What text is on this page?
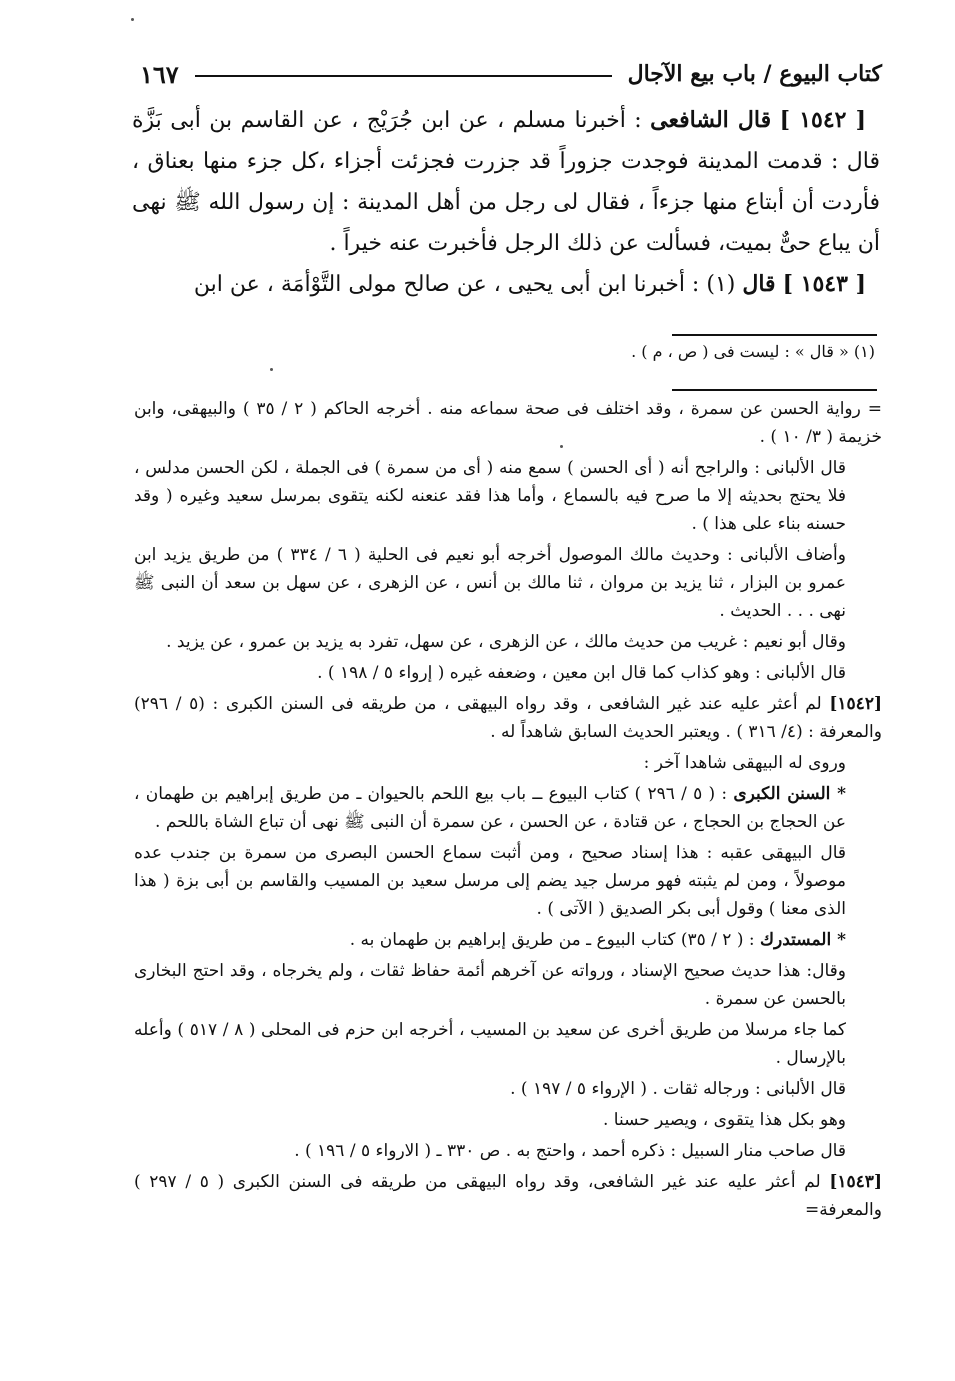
كتاب البيوع / باب بيع الآجال
١٦٧

[ ١٥٤٢ ] قال الشافعى : أخبرنا مسلم ، عن ابن جُرَيْج ، عن القاسم بن أبى بَزَّة قال : قدمت المدينة فوجدت جزوراً قد جزرت فجزئت أجزاء ،كل جزء منها بعناق ، فأردت أن أبتاع منها جزءاً ، فقال لى رجل من أهل المدينة : إن رسول الله ﷺ نهى أن يباع حىٌّ بميت، فسألت عن ذلك الرجل فأخبرت عنه خيراً .

[ ١٥٤٣ ] قال (١) : أخبرنا ابن أبى يحيى ، عن صالح مولى التَّوْأمَة ، عن ابن

(١) « قال » : ليست فى ( ص ، م ) .

= رواية الحسن عن سمرة ، وقد اختلف فى صحة سماعه منه . أخرجه الحاكم ( ٢ / ٣٥ ) والبيهقى، وابن خزيمة ( ٣/ ١٠ ) .

قال الألبانى : والراجح أنه ( أى الحسن ) سمع منه ( أى من سمرة ) فى الجملة ، لكن الحسن مدلس ، فلا يحتج بحديثه إلا ما صرح فيه بالسماع ، وأما هذا فقد عنعنه لكنه يتقوى بمرسل سعيد وغيره ( وقد حسنه بناء على هذا ) .

وأضاف الألبانى : وحديث مالك الموصول أخرجه أبو نعيم فى الحلية ( ٦ / ٣٣٤ ) من طريق يزيد ابن عمرو بن البزار ، ثنا يزيد بن مروان ، ثنا مالك بن أنس ، عن الزهرى ، عن سهل بن سعد أن النبى ﷺ نهى . . . الحديث .

وقال أبو نعيم : غريب من حديث مالك ، عن الزهرى ، عن سهل، تفرد به يزيد بن عمرو ، عن يزيد .

قال الألبانى : وهو كذاب كما قال ابن معين ، وضعفه غيره ( إرواء ٥ / ١٩٨ ) .

[١٥٤٢] لم أعثر عليه عند غير الشافعى ، وقد رواه البيهقى ، من طريقه فى السنن الكبرى : (٥ / ٢٩٦) والمعرفة : (٤/ ٣١٦ ) . ويعتبر الحديث السابق شاهداً له .

وروى له البيهقى شاهدا آخر :

* السنن الكبرى : ( ٥ / ٢٩٦ ) كتاب البيوع ــ باب بيع اللحم بالحيوان ـ من طريق إبراهيم بن طهمان ، عن الحجاج بن الحجاج ، عن قتادة ، عن الحسن ، عن سمرة أن النبى ﷺ نهى أن تباع الشاة باللحم .

قال البيهقى عقبه : هذا إسناد صحيح ، ومن أثبت سماع الحسن البصرى من سمرة بن جندب عده موصولاً ، ومن لم يثبته فهو مرسل جيد يضم إلى مرسل سعيد بن المسيب والقاسم بن أبى بزة ( هذا الذى معنا ) وقول أبى بكر الصديق ( الآتى ) .

* المستدرك : ( ٢ / ٣٥) كتاب البيوع ـ من طريق إبراهيم بن طهمان به .

وقال: هذا حديث صحيح الإسناد ، ورواته عن آخرهم أئمة حفاظ ثقات ، ولم يخرجاه ، وقد احتج البخارى بالحسن عن سمرة .

كما جاء مرسلا من طريق أخرى عن سعيد بن المسيب ، أخرجه ابن حزم فى المحلى ( ٨ / ٥١٧ ) وأعله بالإرسال .

قال الألبانى : ورجاله ثقات . ( الإرواء ٥ / ١٩٧ ) .

وهو بكل هذا يتقوى ، ويصير حسنا .

قال صاحب منار السبيل : ذكره أحمد ، واحتج به . ص ٣٣٠ ـ ( الارواء ٥ / ١٩٦ ) .

[١٥٤٣] لم أعثر عليه عند غير الشافعى، وقد رواه البيهقى من طريقه فى السنن الكبرى ( ٥ / ٢٩٧ ) والمعرفة=
